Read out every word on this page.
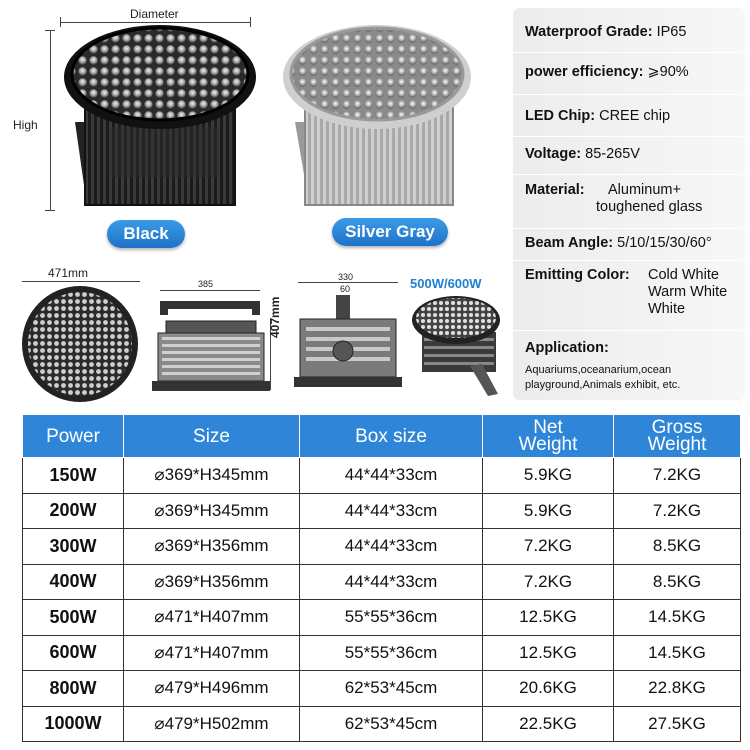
Diameter
High
Black	Silver Gray
Waterproof Grade: IP65
power efficiency: ⩾90%
LED Chip: CREE chip
Voltage: 85-265V
Material:	Aluminum+
toughened glass
Beam Angle: 5/10/15/30/60°
Emitting Color:	Cold White
Warm White
White
Application:
Aquariums,oceanarium,ocean
playground,Animals exhibit, etc.
471mm
385
407mm
330
60	500W/600W
Power	Size	Box size	Net Weight	Gross Weight

150W	⌀369*H345mm	44*44*33cm	5.9KG	7.2KG
200W	⌀369*H345mm	44*44*33cm	5.9KG	7.2KG
300W	⌀369*H356mm	44*44*33cm	7.2KG	8.5KG
400W	⌀369*H356mm	44*44*33cm	7.2KG	8.5KG
500W	⌀471*H407mm	55*55*36cm	12.5KG	14.5KG
600W	⌀471*H407mm	55*55*36cm	12.5KG	14.5KG
800W	⌀479*H496mm	62*53*45cm	20.6KG	22.8KG
1000W	⌀479*H502mm	62*53*45cm	22.5KG	27.5KG
